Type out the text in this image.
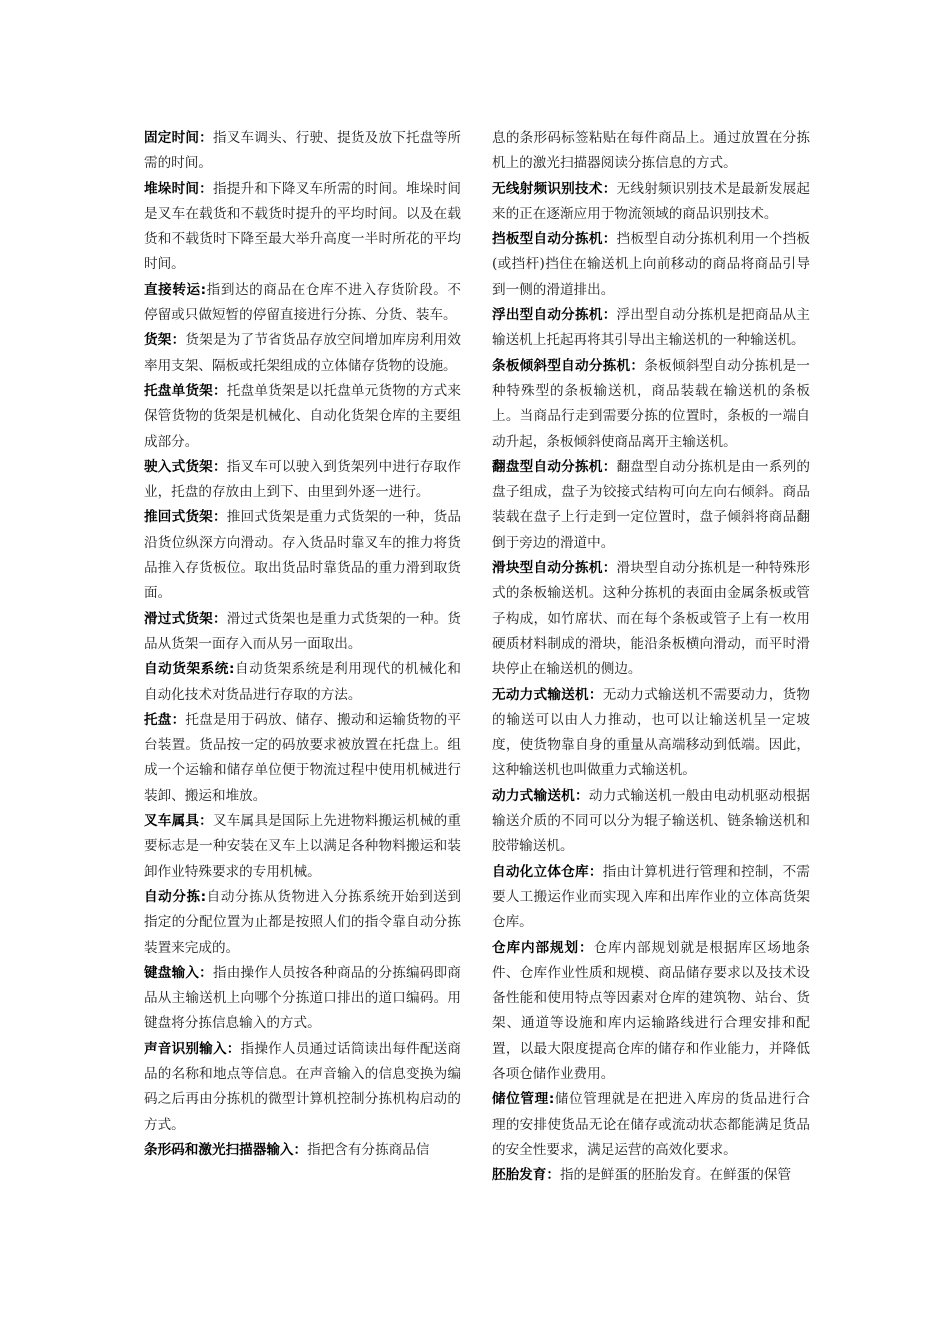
固定时间：指叉车调头、行驶、提货及放下托盘等所需的时间。

堆垛时间：指提升和下降叉车所需的时间。堆垛时间是叉车在载货和不载货时提升的平均时间。以及在载货和不载货时下降至最大举升高度一半时所花的平均时间。

直接转运:指到达的商品在仓库不进入存货阶段。不停留或只做短暂的停留直接进行分拣、分货、装车。

货架：货架是为了节省货品存放空间增加库房利用效率用支架、隔板或托架组成的立体储存货物的设施。

托盘单货架：托盘单货架是以托盘单元货物的方式来保管货物的货架是机械化、自动化货架仓库的主要组成部分。

驶入式货架：指叉车可以驶入到货架列中进行存取作业，托盘的存放由上到下、由里到外逐一进行。

推回式货架：推回式货架是重力式货架的一种，货品沿货位纵深方向滑动。存入货品时靠叉车的推力将货品推入存货板位。取出货品时靠货品的重力滑到取货面。

滑过式货架：滑过式货架也是重力式货架的一种。货品从货架一面存入而从另一面取出。

自动货架系统:自动货架系统是利用现代的机械化和自动化技术对货品进行存取的方法。

托盘：托盘是用于码放、储存、搬动和运输货物的平台装置。货品按一定的码放要求被放置在托盘上。组成一个运输和储存单位便于物流过程中使用机械进行装卸、搬运和堆放。

叉车属具：叉车属具是国际上先进物料搬运机械的重要标志是一种安装在叉车上以满足各种物料搬运和装卸作业特殊要求的专用机械。

自动分拣:自动分拣从货物进入分拣系统开始到送到指定的分配位置为止都是按照人们的指令靠自动分拣装置来完成的。

键盘输入：指由操作人员按各种商品的分拣编码即商品从主输送机上向哪个分拣道口排出的道口编码。用键盘将分拣信息输入的方式。

声音识别输入：指操作人员通过话筒读出每件配送商品的名称和地点等信息。在声音输入的信息变换为编码之后再由分拣机的微型计算机控制分拣机构启动的方式。

条形码和激光扫描器输入：指把含有分拣商品信

息的条形码标签粘贴在每件商品上。通过放置在分拣机上的激光扫描器阅读分拣信息的方式。

无线射频识别技术：无线射频识别技术是最新发展起来的正在逐渐应用于物流领域的商品识别技术。

挡板型自动分拣机：挡板型自动分拣机利用一个挡板(或挡杆)挡住在输送机上向前移动的商品将商品引导到一侧的滑道排出。

浮出型自动分拣机：浮出型自动分拣机是把商品从主输送机上托起再将其引导出主输送机的一种输送机。

条板倾斜型自动分拣机：条板倾斜型自动分拣机是一种特殊型的条板输送机，商品装载在输送机的条板上。当商品行走到需要分拣的位置时，条板的一端自动升起，条板倾斜使商品离开主输送机。

翻盘型自动分拣机：翻盘型自动分拣机是由一系列的盘子组成，盘子为铰接式结构可向左向右倾斜。商品装载在盘子上行走到一定位置时，盘子倾斜将商品翻倒于旁边的滑道中。

滑块型自动分拣机：滑块型自动分拣机是一种特殊形式的条板输送机。这种分拣机的表面由金属条板或管子构成，如竹席状、而在每个条板或管子上有一枚用硬质材料制成的滑块，能沿条板横向滑动，而平时滑块停止在输送机的侧边。

无动力式输送机：无动力式输送机不需要动力，货物的输送可以由人力推动，也可以让输送机呈一定坡度，使货物靠自身的重量从高端移动到低端。因此，这种输送机也叫做重力式输送机。

动力式输送机：动力式输送机一般由电动机驱动根据输送介质的不同可以分为辊子输送机、链条输送机和胶带输送机。

自动化立体仓库：指由计算机进行管理和控制，不需要人工搬运作业而实现入库和出库作业的立体高货架仓库。

仓库内部规划：仓库内部规划就是根据库区场地条件、仓库作业性质和规模、商品储存要求以及技术设备性能和使用特点等因素对仓库的建筑物、站台、货架、通道等设施和库内运输路线进行合理安排和配置，以最大限度提高仓库的储存和作业能力，并降低各项仓储作业费用。

储位管理:储位管理就是在把进入库房的货品进行合理的安排使货品无论在储存或流动状态都能满足货品的安全性要求，满足运营的高效化要求。

胚胎发育：指的是鲜蛋的胚胎发育。在鲜蛋的保管
